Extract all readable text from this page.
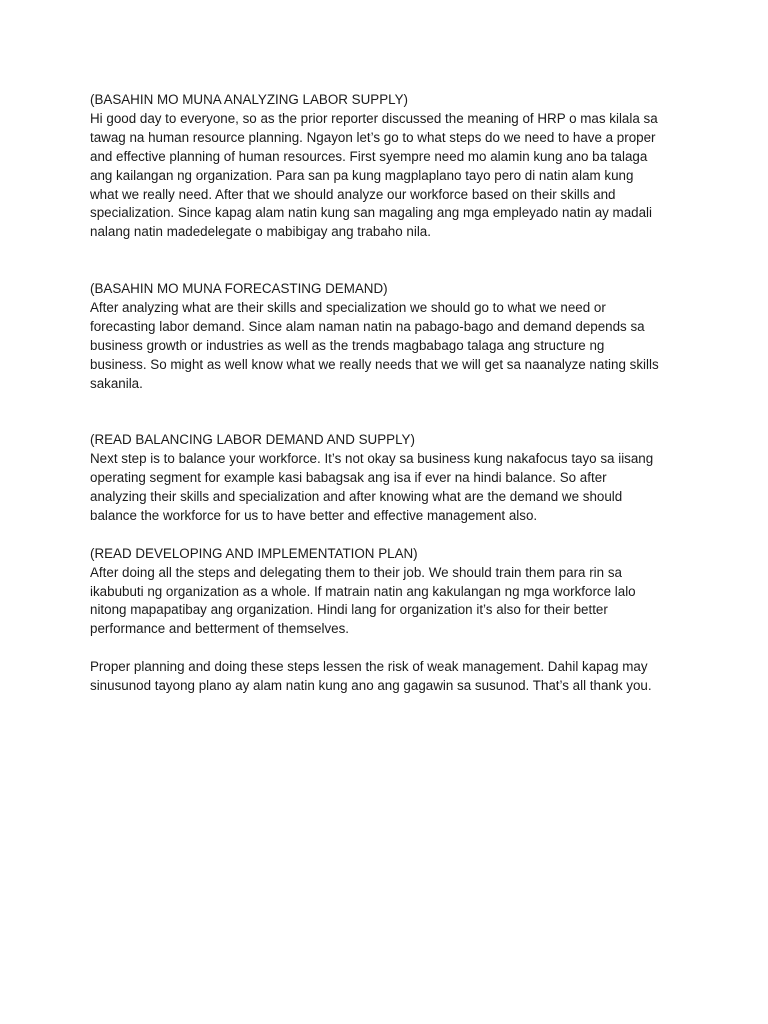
(BASAHIN MO MUNA ANALYZING LABOR SUPPLY)
Hi good day to everyone, so as the prior reporter discussed the meaning of HRP o mas kilala sa
tawag na human resource planning. Ngayon let’s go to what steps do we need to have a proper
and effective planning of human resources. First syempre need mo alamin kung ano ba talaga
ang kailangan ng organization. Para san pa kung magplaplano tayo pero di natin alam kung
what we really need. After that we should analyze our workforce based on their skills and
specialization. Since kapag alam natin kung san magaling ang mga empleyado natin ay madali
nalang natin madedelegate o mabibigay ang trabaho nila.
(BASAHIN MO MUNA FORECASTING DEMAND)
After analyzing what are their skills and specialization we should go to what we need or
forecasting labor demand. Since alam naman natin na pabago-bago and demand depends sa
business growth or industries as well as the trends magbabago talaga ang structure ng
business. So might as well know what we really needs that we will get sa naanalyze nating skills
sakanila.
(READ BALANCING LABOR DEMAND AND SUPPLY)
Next step is to balance your workforce. It’s not okay sa business kung nakafocus tayo sa iisang
operating segment for example kasi babagsak ang isa if ever na hindi balance. So after
analyzing their skills and specialization and after knowing what are the demand we should
balance the workforce for us to have better and effective management also.
(READ DEVELOPING AND IMPLEMENTATION PLAN)
After doing all the steps and delegating them to their job. We should train them para rin sa
ikabubuti ng organization as a whole. If matrain natin ang kakulangan ng mga workforce lalo
nitong mapapatibay ang organization. Hindi lang for organization it’s also for their better
performance and betterment of themselves.
Proper planning and doing these steps lessen the risk of weak management. Dahil kapag may
sinusunod tayong plano ay alam natin kung ano ang gagawin sa susunod. That’s all thank you.
